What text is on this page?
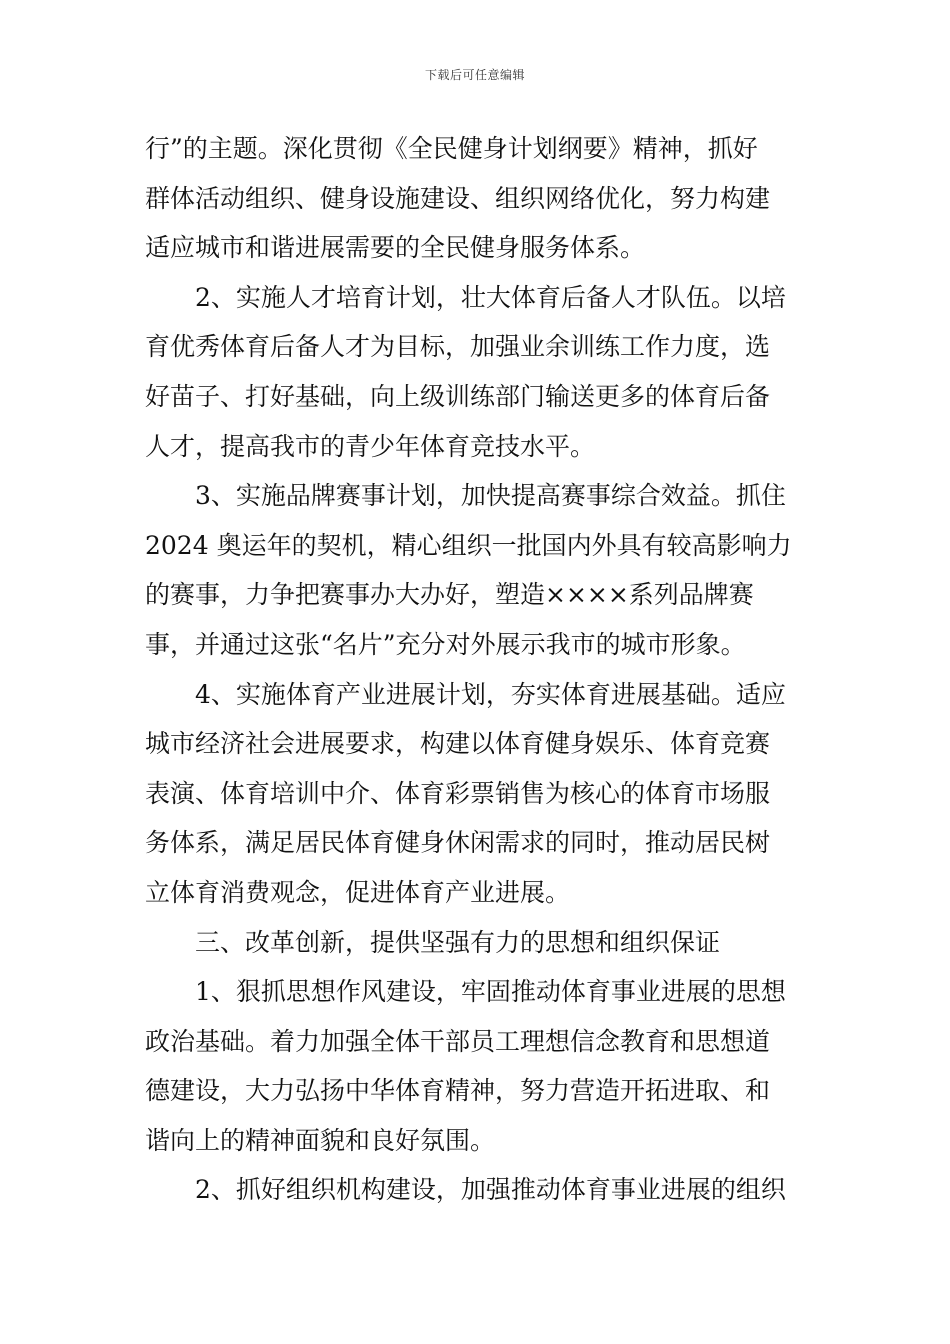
下载后可任意编辑
行”的主题。深化贯彻《全民健身计划纲要》精神，抓好
群体活动组织、健身设施建设、组织网络优化，努力构建
适应城市和谐进展需要的全民健身服务体系。
2、实施人才培育计划，壮大体育后备人才队伍。以培
育优秀体育后备人才为目标，加强业余训练工作力度，选
好苗子、打好基础，向上级训练部门输送更多的体育后备
人才，提高我市的青少年体育竞技水平。
3、实施品牌赛事计划，加快提高赛事综合效益。抓住
2024 奥运年的契机，精心组织一批国内外具有较高影响力
的赛事，力争把赛事办大办好，塑造××××系列品牌赛
事，并通过这张“名片”充分对外展示我市的城市形象。
4、实施体育产业进展计划，夯实体育进展基础。适应
城市经济社会进展要求，构建以体育健身娱乐、体育竞赛
表演、体育培训中介、体育彩票销售为核心的体育市场服
务体系，满足居民体育健身休闲需求的同时，推动居民树
立体育消费观念，促进体育产业进展。
三、改革创新，提供坚强有力的思想和组织保证
1、狠抓思想作风建设，牢固推动体育事业进展的思想
政治基础。着力加强全体干部员工理想信念教育和思想道
德建设，大力弘扬中华体育精神，努力营造开拓进取、和
谐向上的精神面貌和良好氛围。
2、抓好组织机构建设，加强推动体育事业进展的组织
